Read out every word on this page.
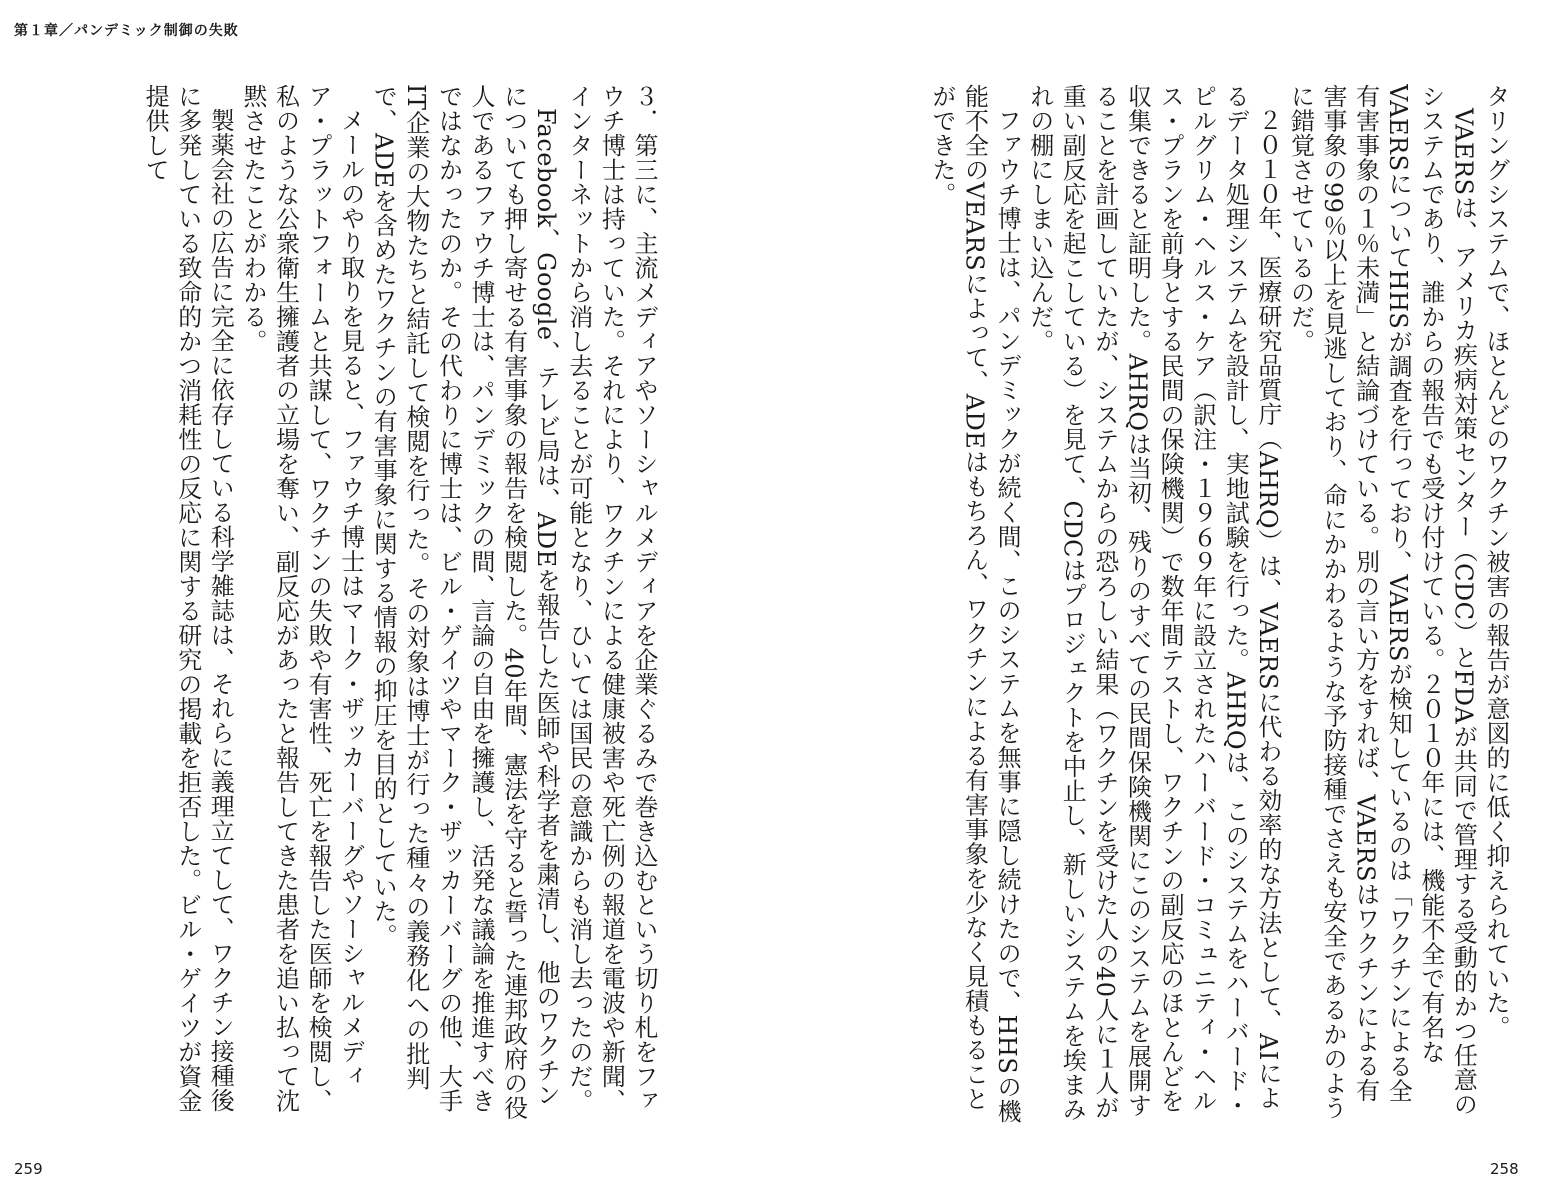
第１章／パンデミック制御の失敗

タリングシステムで、ほとんどのワクチン被害の報告が意図的に低く抑えられていた。

VAERSは、アメリカ疾病対策センター（CDC）とFDAが共同で管理する受動的かつ任意のシステムであり、誰からの報告でも受け付けている。２０１０年には、機能不全で有名なVAERSについてHHSが調査を行っており、VAERSが検知しているのは「ワクチンによる全有害事象の１％未満」と結論づけている。別の言い方をすれば、VAERSはワクチンによる有害事象の99％以上を見逃しており、命にかかわるような予防接種でさえも安全であるかのように錯覚させているのだ。

２０１０年、医療研究品質庁（AHRQ）は、VAERSに代わる効率的な方法として、AIによるデータ処理システムを設計し、実地試験を行った。AHRQは、このシステムをハーバード・ピルグリム・ヘルス・ケア（訳注・１９６９年に設立されたハーバード・コミュニティ・ヘルス・プランを前身とする民間の保険機関）で数年間テストし、ワクチンの副反応のほとんどを収集できると証明した。AHRQは当初、残りのすべての民間保険機関にこのシステムを展開することを計画していたが、システムからの恐ろしい結果（ワクチンを受けた人の40人に１人が重い副反応を起こしている）を見て、CDCはプロジェクトを中止し、新しいシステムを埃まみれの棚にしまい込んだ。

ファウチ博士は、パンデミックが続く間、このシステムを無事に隠し続けたので、HHSの機能不全のVEARSによって、ADEはもちろん、ワクチンによる有害事象を少なく見積もることができた。

３．第三に、主流メディアやソーシャルメディアを企業ぐるみで巻き込むという切り札をファウチ博士は持っていた。それにより、ワクチンによる健康被害や死亡例の報道を電波や新聞、インターネットから消し去ることが可能となり、ひいては国民の意識からも消し去ったのだ。

Facebook、Google、テレビ局は、ADEを報告した医師や科学者を粛清し、他のワクチンについても押し寄せる有害事象の報告を検閲した。40年間、憲法を守ると誓った連邦政府の役人であるファウチ博士は、パンデミックの間、言論の自由を擁護し、活発な議論を推進すべきではなかったのか。その代わりに博士は、ビル・ゲイツやマーク・ザッカーバーグの他、大手IT企業の大物たちと結託して検閲を行った。その対象は博士が行った種々の義務化への批判で、ADEを含めたワクチンの有害事象に関する情報の抑圧を目的としていた。

メールのやり取りを見ると、ファウチ博士はマーク・ザッカーバーグやソーシャルメディア・プラットフォームと共謀して、ワクチンの失敗や有害性、死亡を報告した医師を検閲し、私のような公衆衛生擁護者の立場を奪い、副反応があったと報告してきた患者を追い払って沈黙させたことがわかる。

製薬会社の広告に完全に依存している科学雑誌は、それらに義理立てして、ワクチン接種後に多発している致命的かつ消耗性の反応に関する研究の掲載を拒否した。ビル・ゲイツが資金提供して

259	258
